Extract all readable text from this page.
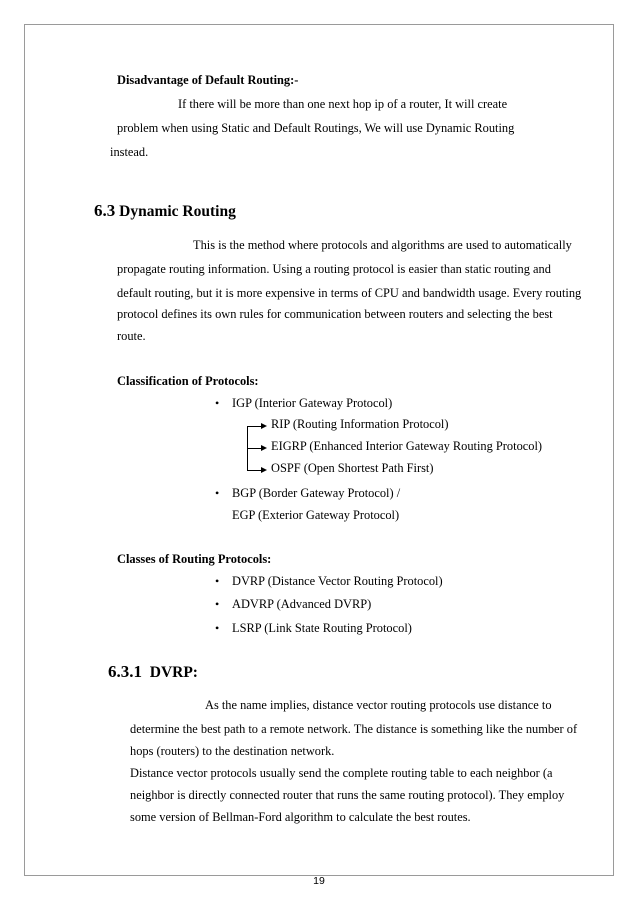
Disadvantage of Default Routing:-
If there will be more than one next hop ip of a router, It will create
problem when using Static and Default Routings, We will use Dynamic Routing
instead.
6.3 Dynamic Routing
This is the method where protocols and algorithms are used to automatically
propagate routing information. Using a routing protocol is easier than static routing and
default routing, but it is more expensive in terms of CPU and bandwidth usage. Every routing
protocol defines its own rules for communication between routers and selecting the best
route.
Classification of Protocols:
• IGP (Interior Gateway Protocol)
RIP (Routing Information Protocol)
EIGRP (Enhanced Interior Gateway Routing Protocol)
OSPF (Open Shortest Path First)
• BGP (Border Gateway Protocol) /
EGP (Exterior Gateway Protocol)
Classes of Routing Protocols:
• DVRP (Distance Vector Routing Protocol)
• ADVRP (Advanced DVRP)
• LSRP (Link State Routing Protocol)
6.3.1 DVRP:
As the name implies, distance vector routing protocols use distance to
determine the best path to a remote network. The distance is something like the number of
hops (routers) to the destination network.
Distance vector protocols usually send the complete routing table to each neighbor (a
neighbor is directly connected router that runs the same routing protocol). They employ
some version of Bellman-Ford algorithm to calculate the best routes.
19
